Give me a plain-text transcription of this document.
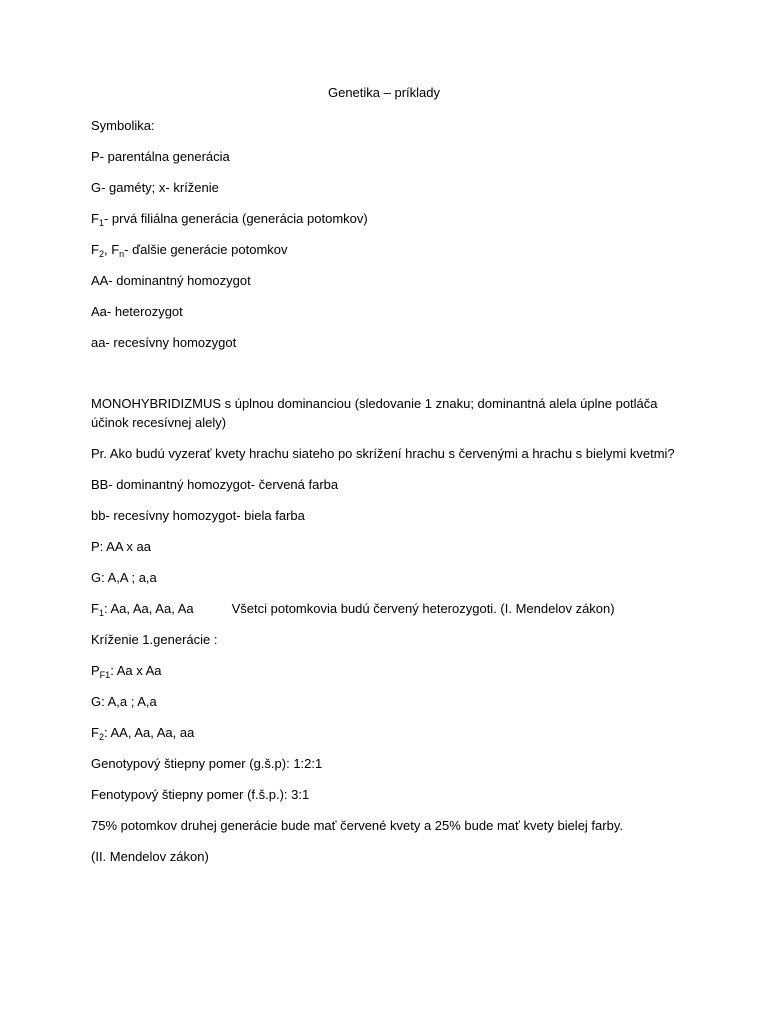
Genetika – príklady
Symbolika:
P- parentálna generácia
G- gaméty; x- kríženie
$F_1-$ prvá filiálna generácia (generácia potomkov)
$F_2$, $F_n-$ ďalšie generácie potomkov
AA- dominantný homozygot
Aa- heterozygot
aa- recesívny homozygot
MONOHYBRIDIZMUS s úplnou dominanciou (sledovanie 1 znaku; dominantná alela úplne potláča účinok recesívnej alely)
Pr. Ako budú vyzerať kvety hrachu siateho po skrížení hrachu s červenými a hrachu s bielymi kvetmi?
BB- dominantný homozygot- červená farba
bb- recesívny homozygot- biela farba
P: AA x aa
G: A,A ; a,a
$F_1$: Aa, Aa, Aa, Aa	Všetci potomkovia budú červený heterozygoti. (I. Mendelov zákon)
Kríženie 1.generácie :
$P_{F1}$: Aa x Aa
G: A,a ; A,a
$F_2$: AA, Aa, Aa, aa
Genotypový štiepny pomer (g.š.p): 1:2:1
Fenotypový štiepny pomer (f.š.p.): 3:1
75% potomkov druhej generácie bude mať červené kvety a 25% bude mať kvety bielej farby.
(II. Mendelov zákon)
